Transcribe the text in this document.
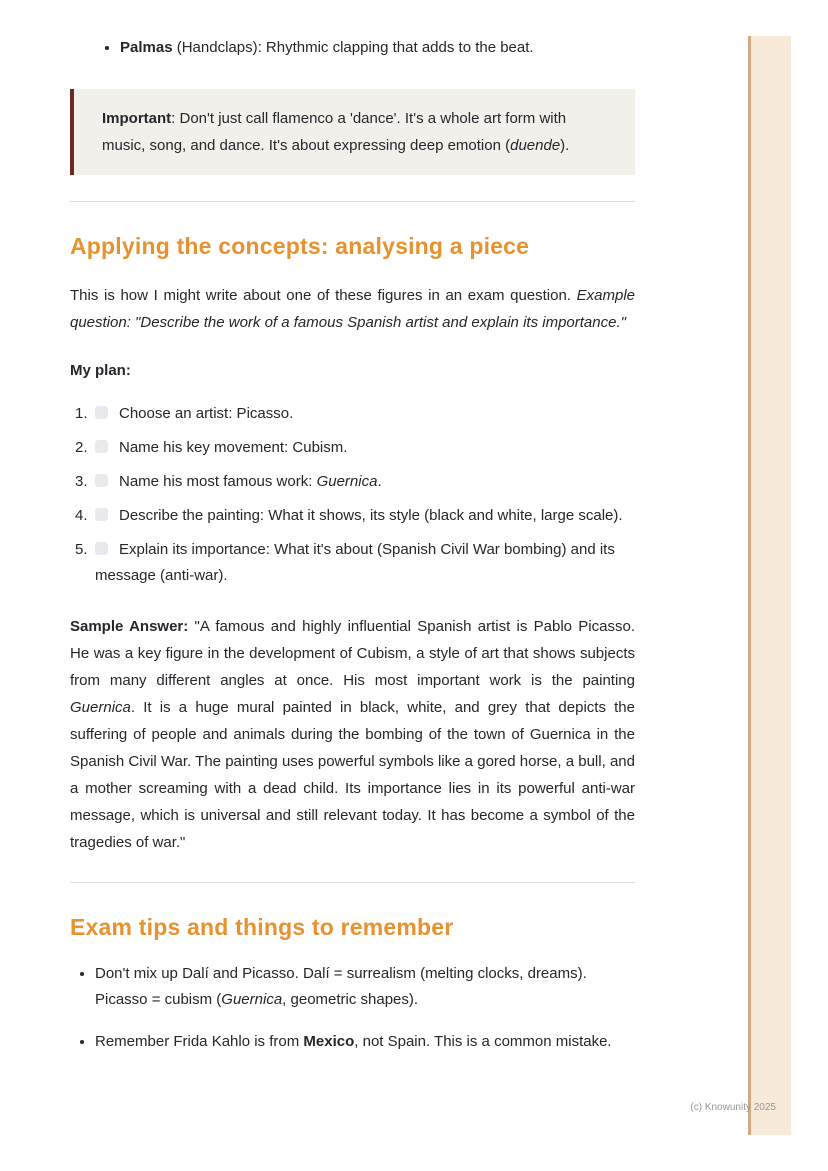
• Palmas (Handclaps): Rhythmic clapping that adds to the beat.

Important: Don't just call flamenco a 'dance'. It's a whole art form with music, song, and dance. It's about expressing deep emotion (duende).

Applying the concepts: analysing a piece

This is how I might write about one of these figures in an exam question. Example question: "Describe the work of a famous Spanish artist and explain its importance."

My plan:

1. Choose an artist: Picasso.
2. Name his key movement: Cubism.
3. Name his most famous work: Guernica.
4. Describe the painting: What it shows, its style (black and white, large scale).
5. Explain its importance: What it's about (Spanish Civil War bombing) and its message (anti-war).

Sample Answer: "A famous and highly influential Spanish artist is Pablo Picasso. He was a key figure in the development of Cubism, a style of art that shows subjects from many different angles at once. His most important work is the painting Guernica. It is a huge mural painted in black, white, and grey that depicts the suffering of people and animals during the bombing of the town of Guernica in the Spanish Civil War. The painting uses powerful symbols like a gored horse, a bull, and a mother screaming with a dead child. Its importance lies in its powerful anti-war message, which is universal and still relevant today. It has become a symbol of the tragedies of war."

Exam tips and things to remember
• Don't mix up Dalí and Picasso. Dalí = surrealism (melting clocks, dreams). Picasso = cubism (Guernica, geometric shapes).
• Remember Frida Kahlo is from Mexico, not Spain. This is a common mistake.
(c) Knowunity 2025
